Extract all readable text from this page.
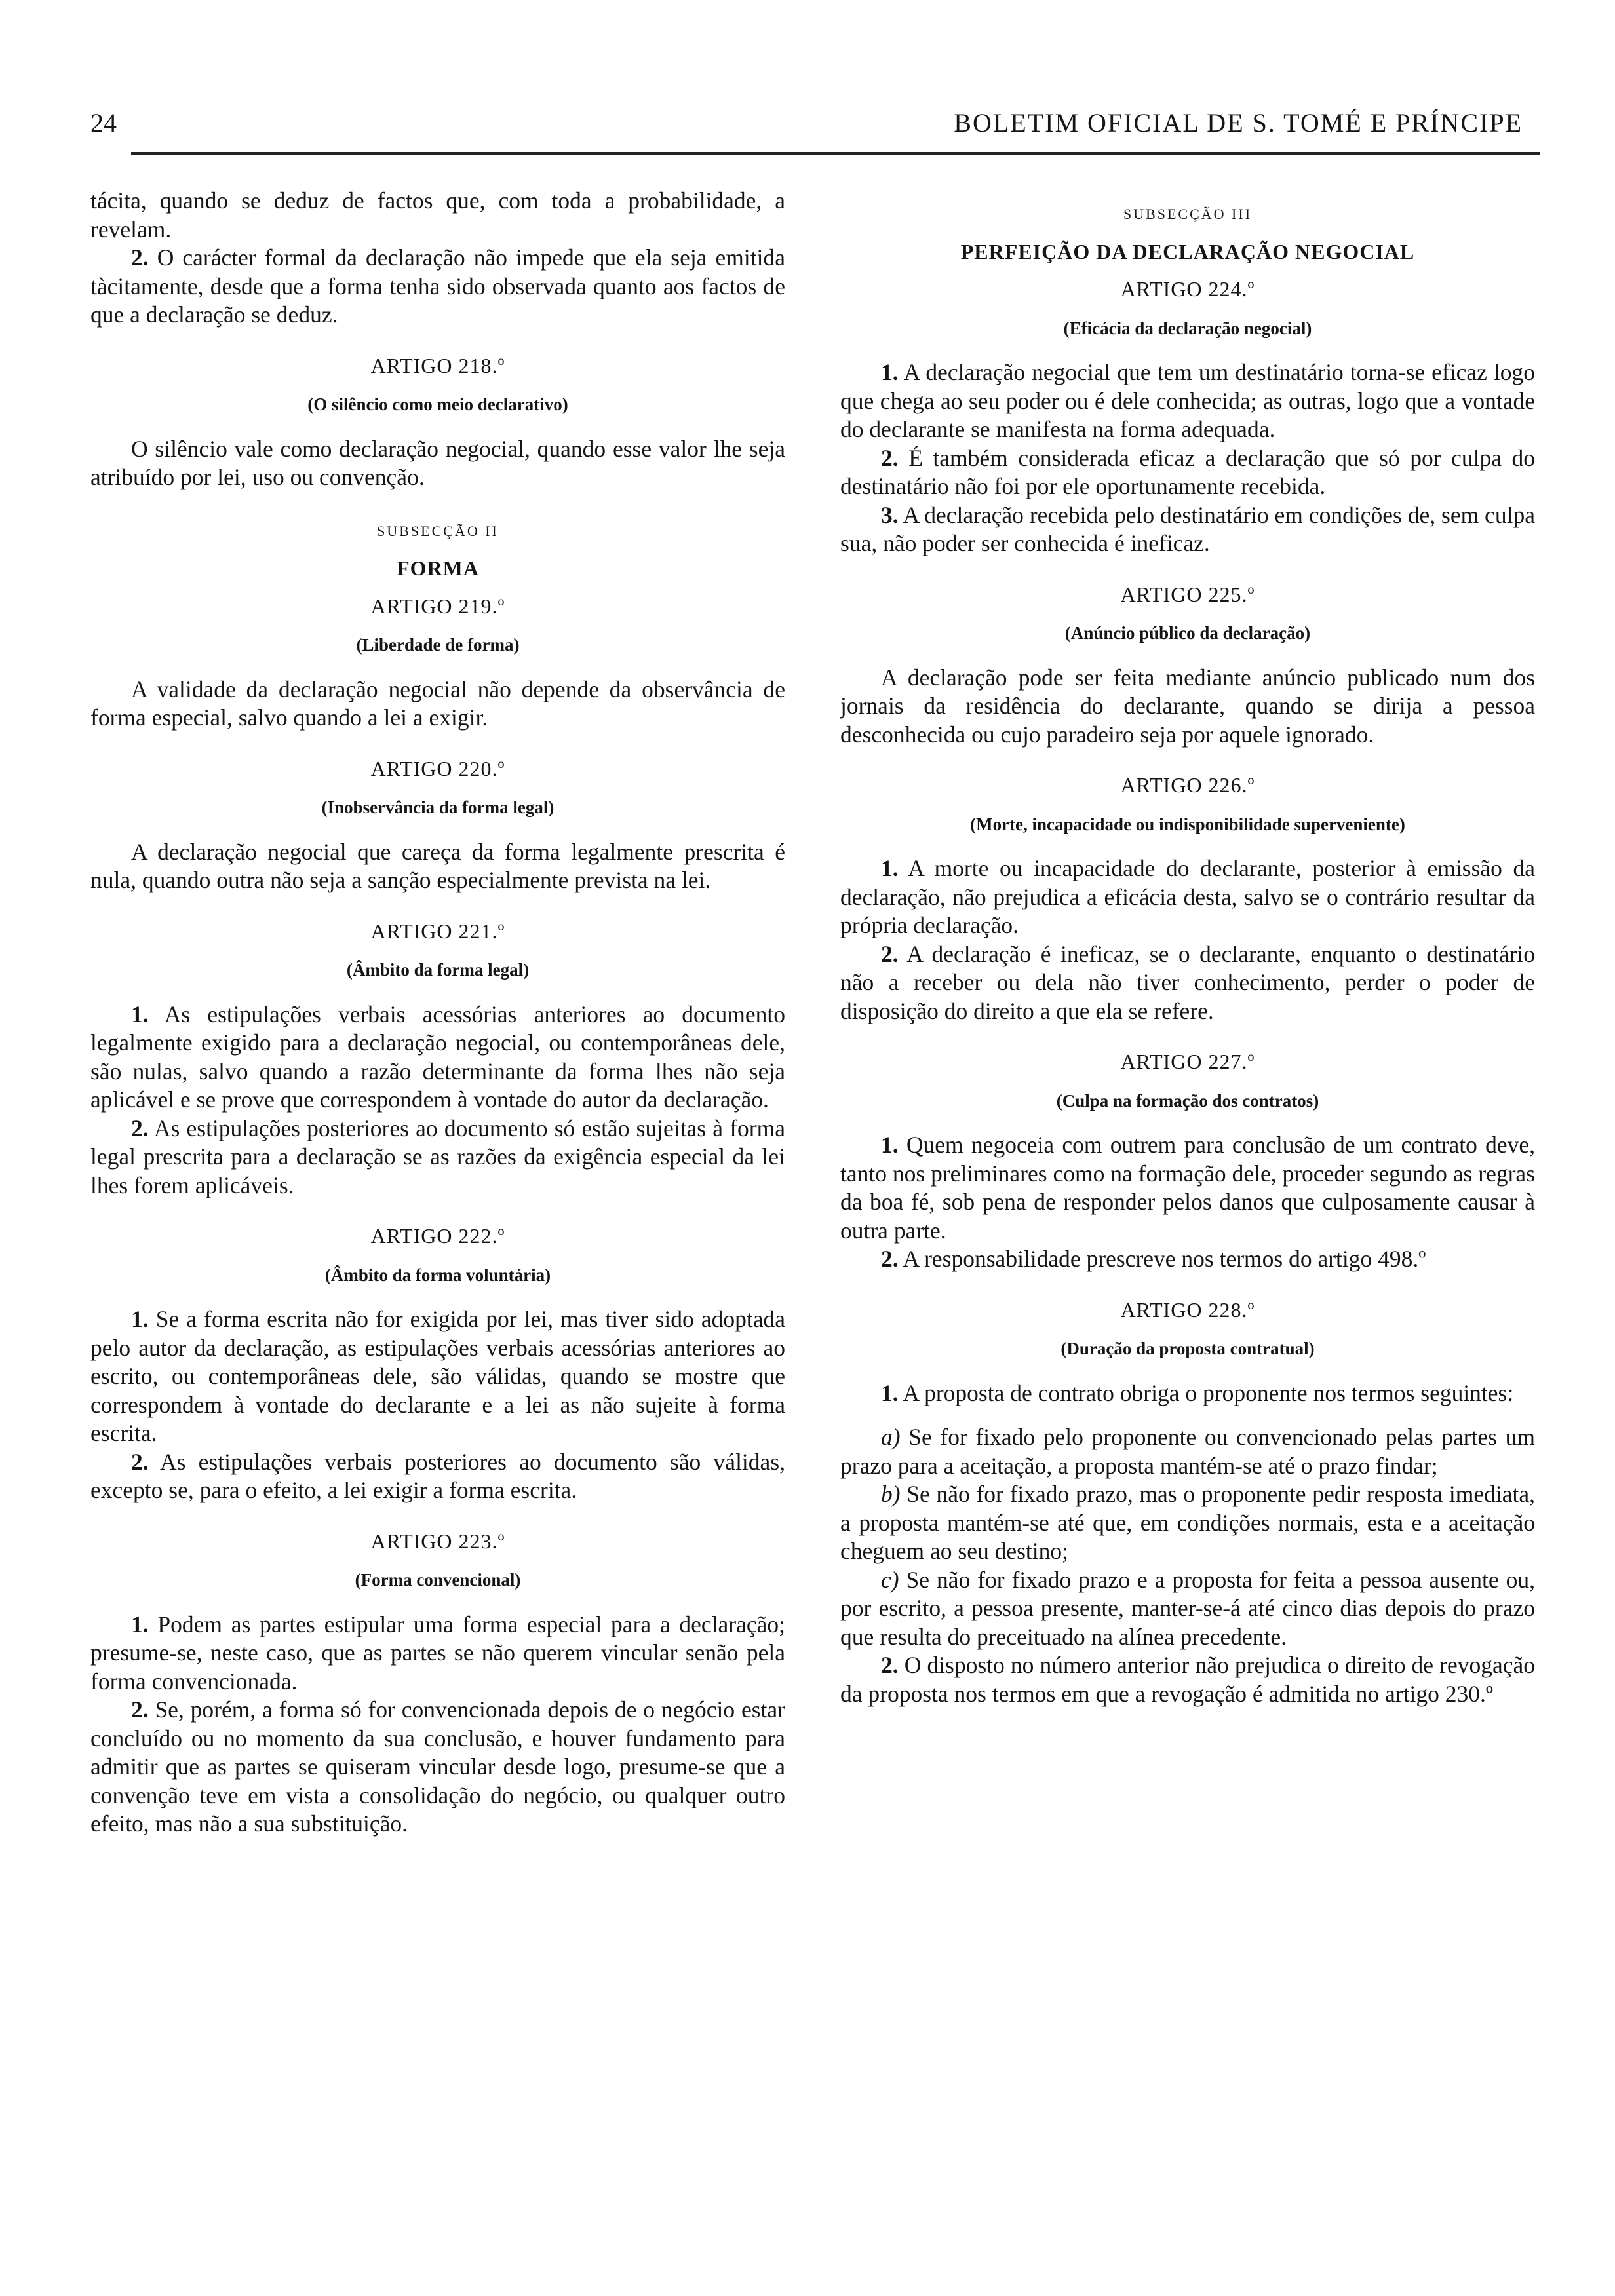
24	BOLETIM OFICIAL DE S. TOMÉ E PRÍNCIPE

tácita, quando se deduz de factos que, com toda a probabilidade, a revelam.

2. O carácter formal da declaração não impede que ela seja emitida tàcitamente, desde que a forma tenha sido observada quanto aos factos de que a declaração se deduz.

ARTIGO 218.º
(O silêncio como meio declarativo)

O silêncio vale como declaração negocial, quando esse valor lhe seja atribuído por lei, uso ou convenção.

SUBSECÇÃO II
FORMA
ARTIGO 219.º
(Liberdade de forma)

A validade da declaração negocial não depende da observância de forma especial, salvo quando a lei a exigir.

ARTIGO 220.º
(Inobservância da forma legal)

A declaração negocial que careça da forma legalmente prescrita é nula, quando outra não seja a sanção especialmente prevista na lei.

ARTIGO 221.º
(Âmbito da forma legal)

1. As estipulações verbais acessórias anteriores ao documento legalmente exigido para a declaração negocial, ou contemporâneas dele, são nulas, salvo quando a razão determinante da forma lhes não seja aplicável e se prove que correspondem à vontade do autor da declaração.

2. As estipulações posteriores ao documento só estão sujeitas à forma legal prescrita para a declaração se as razões da exigência especial da lei lhes forem aplicáveis.

ARTIGO 222.º
(Âmbito da forma voluntária)

1. Se a forma escrita não for exigida por lei, mas tiver sido adoptada pelo autor da declaração, as estipulações verbais acessórias anteriores ao escrito, ou contemporâneas dele, são válidas, quando se mostre que correspondem à vontade do declarante e a lei as não sujeite à forma escrita.

2. As estipulações verbais posteriores ao documento são válidas, excepto se, para o efeito, a lei exigir a forma escrita.

ARTIGO 223.º
(Forma convencional)

1. Podem as partes estipular uma forma especial para a declaração; presume-se, neste caso, que as partes se não querem vincular senão pela forma convencionada.

2. Se, porém, a forma só for convencionada depois de o negócio estar concluído ou no momento da sua conclusão, e houver fundamento para admitir que as partes se quiseram vincular desde logo, presume-se que a convenção teve em vista a consolidação do negócio, ou qualquer outro efeito, mas não a sua substituição.

SUBSECÇÃO III
PERFEIÇÃO DA DECLARAÇÃO NEGOCIAL
ARTIGO 224.º
(Eficácia da declaração negocial)

1. A declaração negocial que tem um destinatário torna-se eficaz logo que chega ao seu poder ou é dele conhecida; as outras, logo que a vontade do declarante se manifesta na forma adequada.

2. É também considerada eficaz a declaração que só por culpa do destinatário não foi por ele oportunamente recebida.

3. A declaração recebida pelo destinatário em condições de, sem culpa sua, não poder ser conhecida é ineficaz.

ARTIGO 225.º
(Anúncio público da declaração)

A declaração pode ser feita mediante anúncio publicado num dos jornais da residência do declarante, quando se dirija a pessoa desconhecida ou cujo paradeiro seja por aquele ignorado.

ARTIGO 226.º
(Morte, incapacidade ou indisponibilidade superveniente)

1. A morte ou incapacidade do declarante, posterior à emissão da declaração, não prejudica a eficácia desta, salvo se o contrário resultar da própria declaração.

2. A declaração é ineficaz, se o declarante, enquanto o destinatário não a receber ou dela não tiver conhecimento, perder o poder de disposição do direito a que ela se refere.

ARTIGO 227.º
(Culpa na formação dos contratos)

1. Quem negoceia com outrem para conclusão de um contrato deve, tanto nos preliminares como na formação dele, proceder segundo as regras da boa fé, sob pena de responder pelos danos que culposamente causar à outra parte.

2. A responsabilidade prescreve nos termos do artigo 498.º

ARTIGO 228.º
(Duração da proposta contratual)

1. A proposta de contrato obriga o proponente nos termos seguintes:

a) Se for fixado pelo proponente ou convencionado pelas partes um prazo para a aceitação, a proposta mantém-se até o prazo findar;

b) Se não for fixado prazo, mas o proponente pedir resposta imediata, a proposta mantém-se até que, em condições normais, esta e a aceitação cheguem ao seu destino;

c) Se não for fixado prazo e a proposta for feita a pessoa ausente ou, por escrito, a pessoa presente, manter-se-á até cinco dias depois do prazo que resulta do preceituado na alínea precedente.

2. O disposto no número anterior não prejudica o direito de revogação da proposta nos termos em que a revogação é admitida no artigo 230.º
